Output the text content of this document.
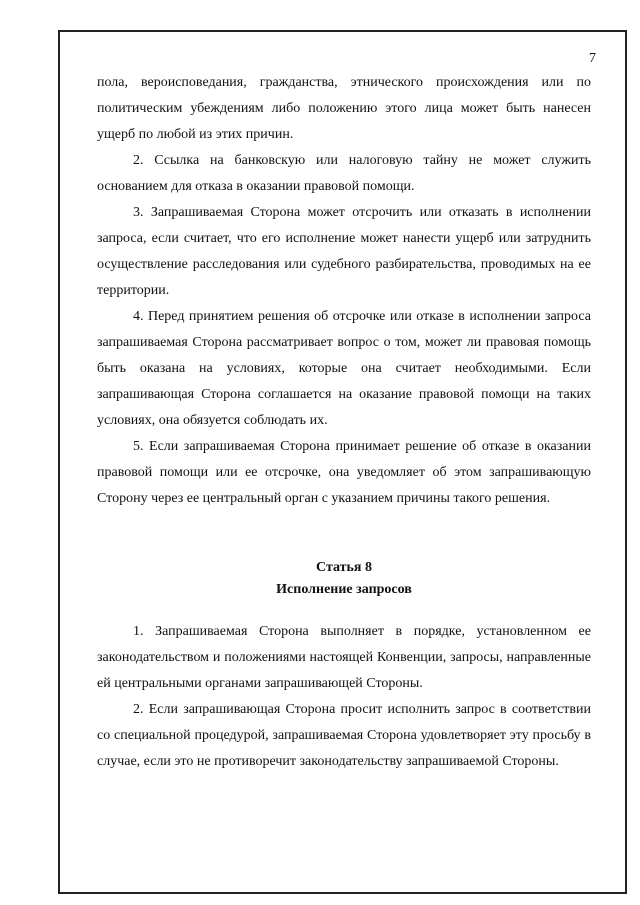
7

пола, вероисповедания, гражданства, этнического происхождения или по политическим убеждениям либо положению этого лица может быть нанесен ущерб по любой из этих причин.

2. Ссылка на банковскую или налоговую тайну не может служить основанием для отказа в оказании правовой помощи.

3. Запрашиваемая Сторона может отсрочить или отказать в исполнении запроса, если считает, что его исполнение может нанести ущерб или затруднить осуществление расследования или судебного разбирательства, проводимых на ее территории.

4. Перед принятием решения об отсрочке или отказе в исполнении запроса запрашиваемая Сторона рассматривает вопрос о том, может ли правовая помощь быть оказана на условиях, которые она считает необходимыми. Если запрашивающая Сторона соглашается на оказание правовой помощи на таких условиях, она обязуется соблюдать их.

5. Если запрашиваемая Сторона принимает решение об отказе в оказании правовой помощи или ее отсрочке, она уведомляет об этом запрашивающую Сторону через ее центральный орган с указанием причины такого решения.

Статья 8
Исполнение запросов

1. Запрашиваемая Сторона выполняет в порядке, установленном ее законодательством и положениями настоящей Конвенции, запросы, направленные ей центральными органами запрашивающей Стороны.

2. Если запрашивающая Сторона просит исполнить запрос в соответствии со специальной процедурой, запрашиваемая Сторона удовлетворяет эту просьбу в случае, если это не противоречит законодательству запрашиваемой Стороны.
